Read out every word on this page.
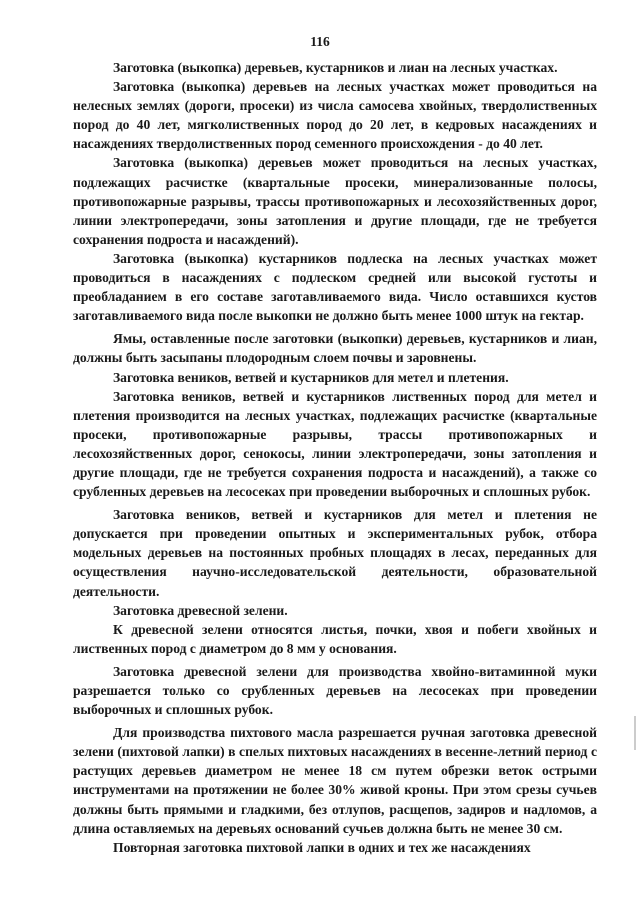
116

Заготовка (выкопка) деревьев, кустарников и лиан на лесных участках.

Заготовка (выкопка) деревьев на лесных участках может проводиться на нелесных землях (дороги, просеки) из числа самосева хвойных, твердолиственных пород до 40 лет, мягколиственных пород до 20 лет, в кедровых насаждениях и насаждениях твердолиственных пород семенного происхождения - до 40 лет.

Заготовка (выкопка) деревьев может проводиться на лесных участках, подлежащих расчистке (квартальные просеки, минерализованные полосы, противопожарные разрывы, трассы противопожарных и лесохозяйственных дорог, линии электропередачи, зоны затопления и другие площади, где не требуется сохранения подроста и насаждений).

Заготовка (выкопка) кустарников подлеска на лесных участках может проводиться в насаждениях с подлеском средней или высокой густоты и преобладанием в его составе заготавливаемого вида. Число оставшихся кустов заготавливаемого вида после выкопки не должно быть менее 1000 штук на гектар.

Ямы, оставленные после заготовки (выкопки) деревьев, кустарников и лиан, должны быть засыпаны плодородным слоем почвы и заровнены.

Заготовка веников, ветвей и кустарников для метел и плетения.

Заготовка веников, ветвей и кустарников лиственных пород для метел и плетения производится на лесных участках, подлежащих расчистке (квартальные просеки, противопожарные разрывы, трассы противопожарных и лесохозяйственных дорог, сенокосы, линии электропередачи, зоны затопления и другие площади, где не требуется сохранения подроста и насаждений), а также со срубленных деревьев на лесосеках при проведении выборочных и сплошных рубок.

Заготовка веников, ветвей и кустарников для метел и плетения не допускается при проведении опытных и экспериментальных рубок, отбора модельных деревьев на постоянных пробных площадях в лесах, переданных для осуществления научно-исследовательской деятельности, образовательной деятельности.

Заготовка древесной зелени.

К древесной зелени относятся листья, почки, хвоя и побеги хвойных и лиственных пород с диаметром до 8 мм у основания.

Заготовка древесной зелени для производства хвойно-витаминной муки разрешается только со срубленных деревьев на лесосеках при проведении выборочных и сплошных рубок.

Для производства пихтового масла разрешается ручная заготовка древесной зелени (пихтовой лапки) в спелых пихтовых насаждениях в весенне-летний период с растущих деревьев диаметром не менее 18 см путем обрезки веток острыми инструментами на протяжении не более 30% живой кроны. При этом срезы сучьев должны быть прямыми и гладкими, без отлупов, расщепов, задиров и надломов, а длина оставляемых на деревьях оснований сучьев должна быть не менее 30 см.

Повторная заготовка пихтовой лапки в одних и тех же насаждениях
